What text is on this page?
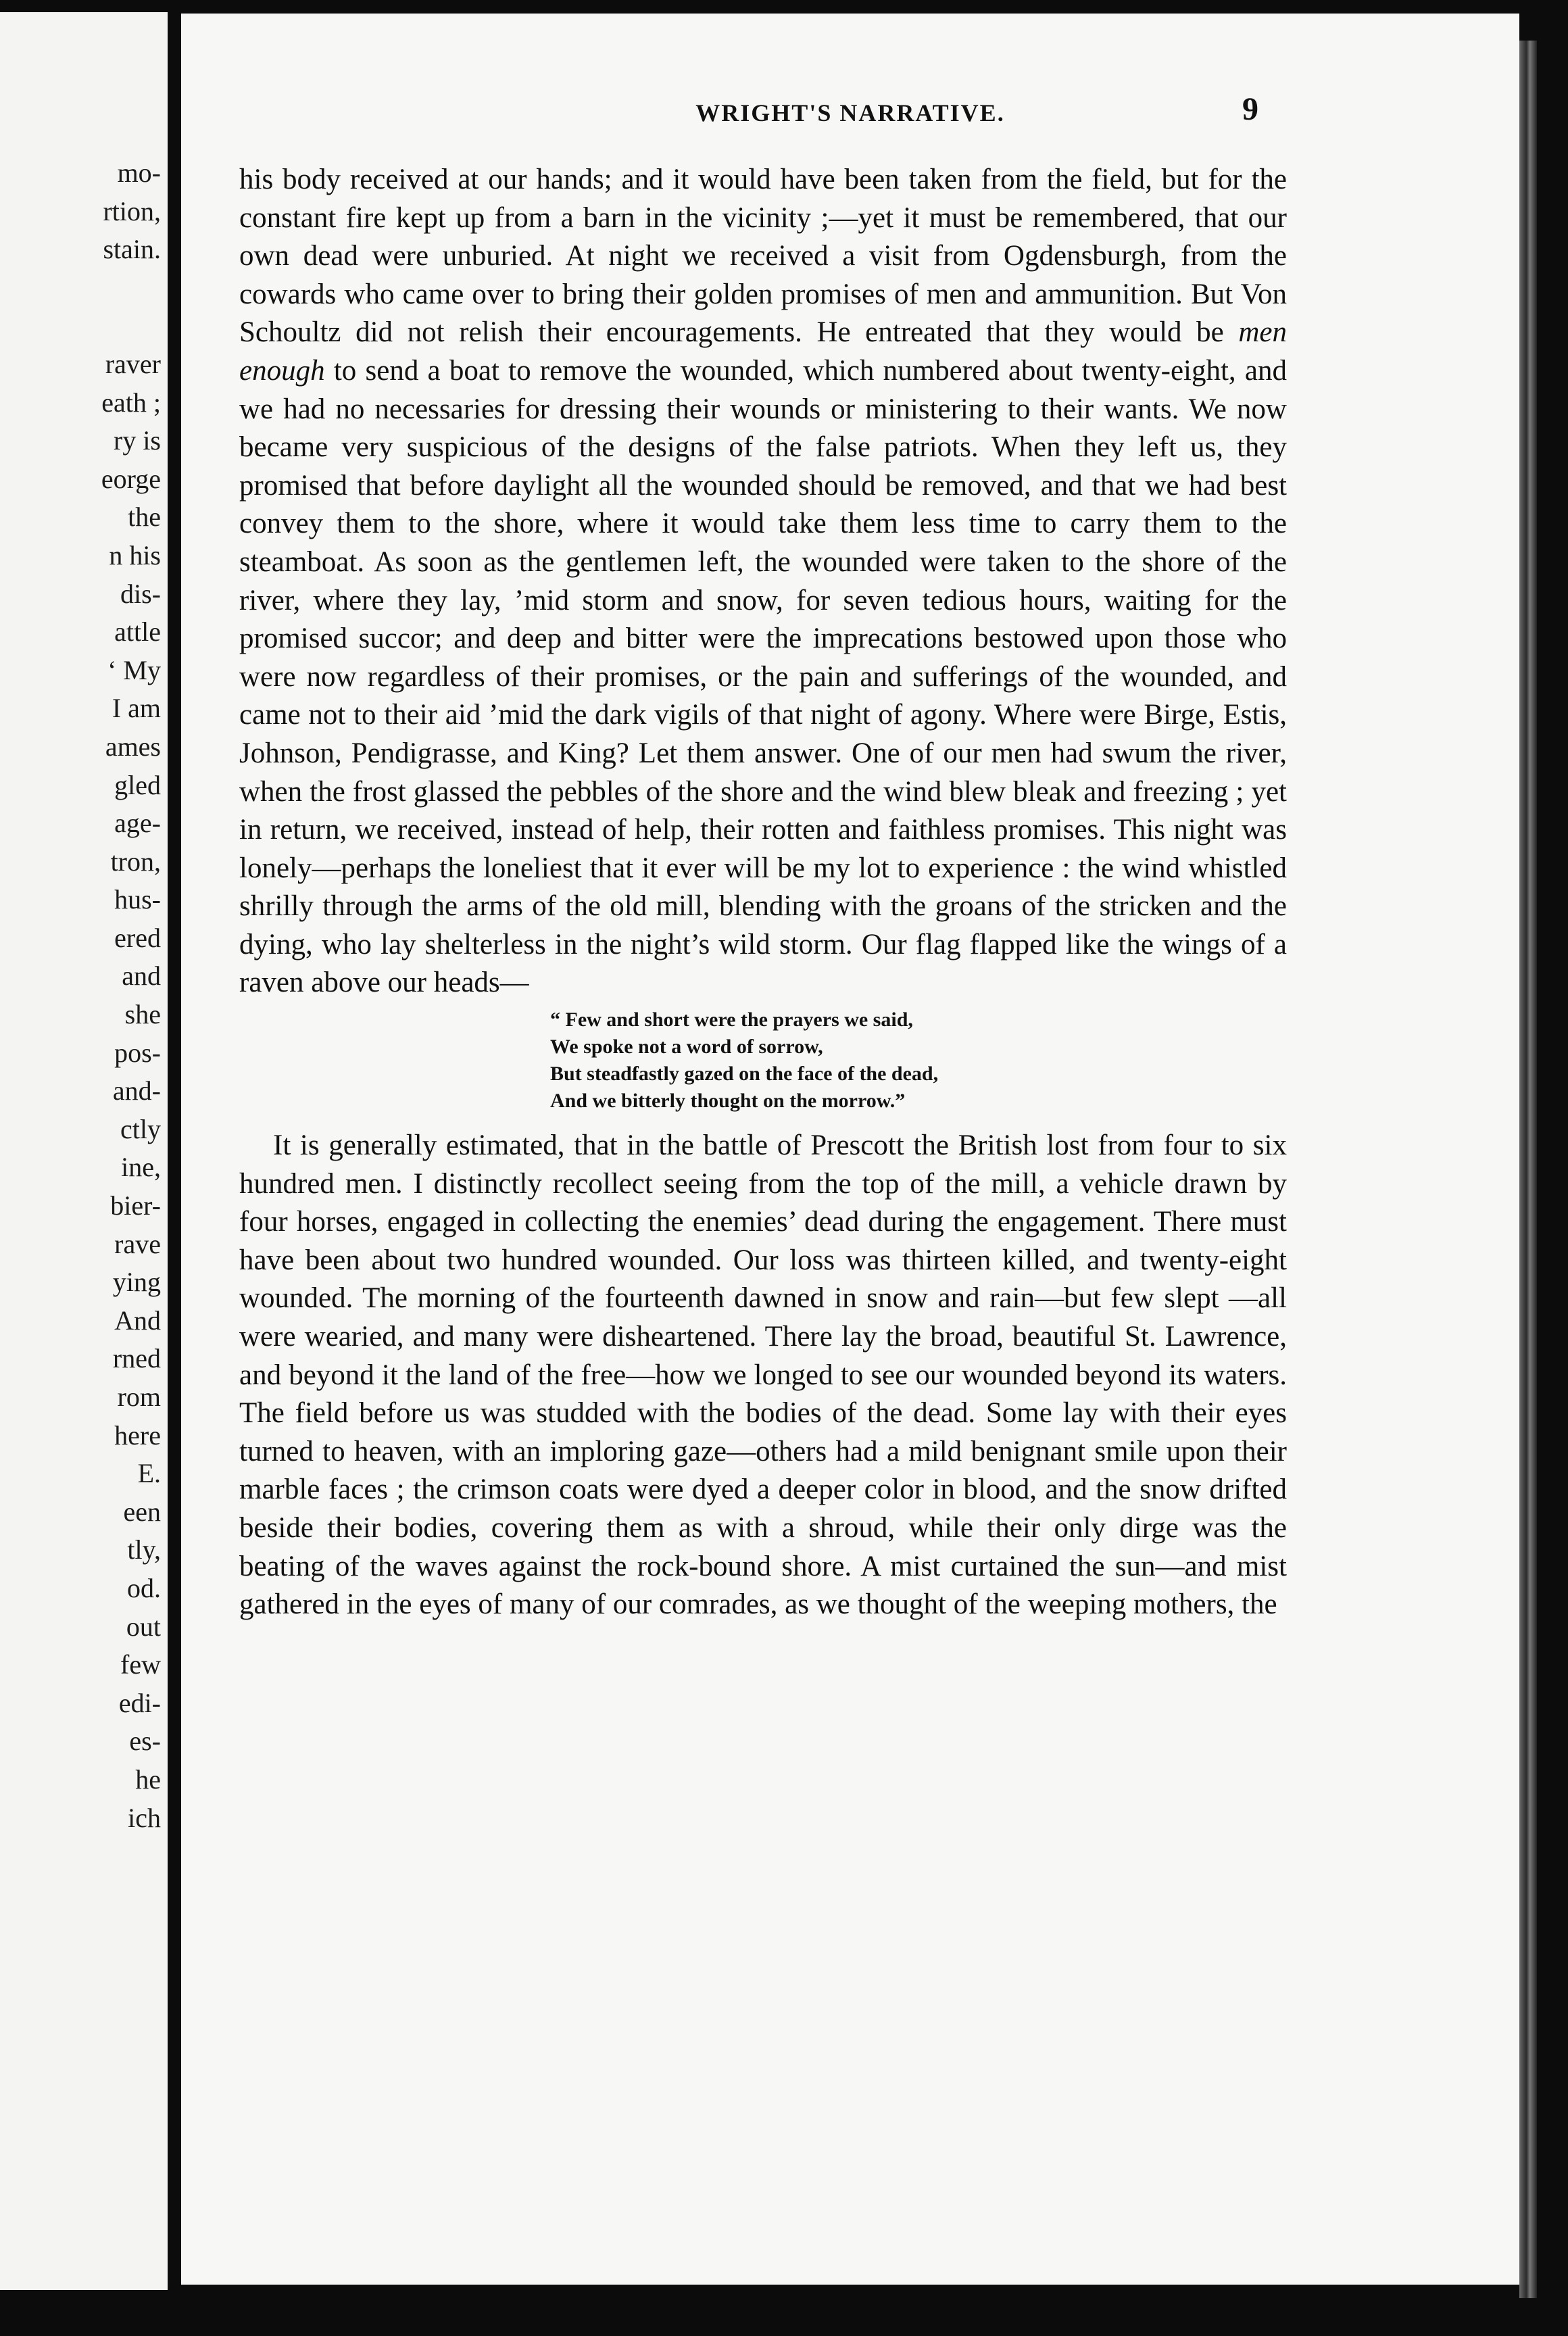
mo-
rtion,
stain.

raver
eath ;
ry is
eorge
the
n his
dis-
attle
‘ My
I am
ames
gled
age-
tron,
hus-
ered
and
she
pos-
and-
ctly
ine,
bier-
rave
ying
And
rned
rom
here
E.
een
tly,
od.
out
few
edi-
es-
he
ich
WRIGHT'S NARRATIVE.	9

his body received at our hands; and it would have been taken from the field, but for the constant fire kept up from a barn in the vicinity ;—yet it must be remembered, that our own dead were unburied. At night we received a visit from Ogdensburgh, from the cowards who came over to bring their golden promises of men and ammunition. But Von Schoultz did not relish their encouragements. He entreated that they would be men enough to send a boat to remove the wounded, which numbered about twenty-eight, and we had no necessaries for dressing their wounds or ministering to their wants. We now became very suspicious of the designs of the false patriots. When they left us, they promised that before daylight all the wounded should be removed, and that we had best convey them to the shore, where it would take them less time to carry them to the steamboat. As soon as the gentlemen left, the wounded were taken to the shore of the river, where they lay, ’mid storm and snow, for seven tedious hours, waiting for the promised succor; and deep and bitter were the imprecations bestowed upon those who were now regardless of their promises, or the pain and sufferings of the wounded, and came not to their aid ’mid the dark vigils of that night of agony. Where were Birge, Estis, Johnson, Pendigrasse, and King? Let them answer. One of our men had swum the river, when the frost glassed the pebbles of the shore and the wind blew bleak and freezing ; yet in return, we received, instead of help, their rotten and faithless promises. This night was lonely—perhaps the loneliest that it ever will be my lot to experience : the wind whistled shrilly through the arms of the old mill, blending with the groans of the stricken and the dying, who lay shelterless in the night’s wild storm. Our flag flapped like the wings of a raven above our heads—

“ Few and short were the prayers we said,
We spoke not a word of sorrow,
But steadfastly gazed on the face of the dead,
And we bitterly thought on the morrow.”

It is generally estimated, that in the battle of Prescott the British lost from four to six hundred men. I distinctly recollect seeing from the top of the mill, a vehicle drawn by four horses, engaged in collecting the enemies’ dead during the engagement. There must have been about two hundred wounded. Our loss was thirteen killed, and twenty-eight wounded. The morning of the fourteenth dawned in snow and rain—but few slept —all were wearied, and many were disheartened. There lay the broad, beautiful St. Lawrence, and beyond it the land of the free—how we longed to see our wounded beyond its waters. The field before us was studded with the bodies of the dead. Some lay with their eyes turned to heaven, with an imploring gaze—others had a mild benignant smile upon their marble faces ; the crimson coats were dyed a deeper color in blood, and the snow drifted beside their bodies, covering them as with a shroud, while their only dirge was the beating of the waves against the rock-bound shore. A mist curtained the sun—and mist gathered in the eyes of many of our comrades, as we thought of the weeping mothers, the
